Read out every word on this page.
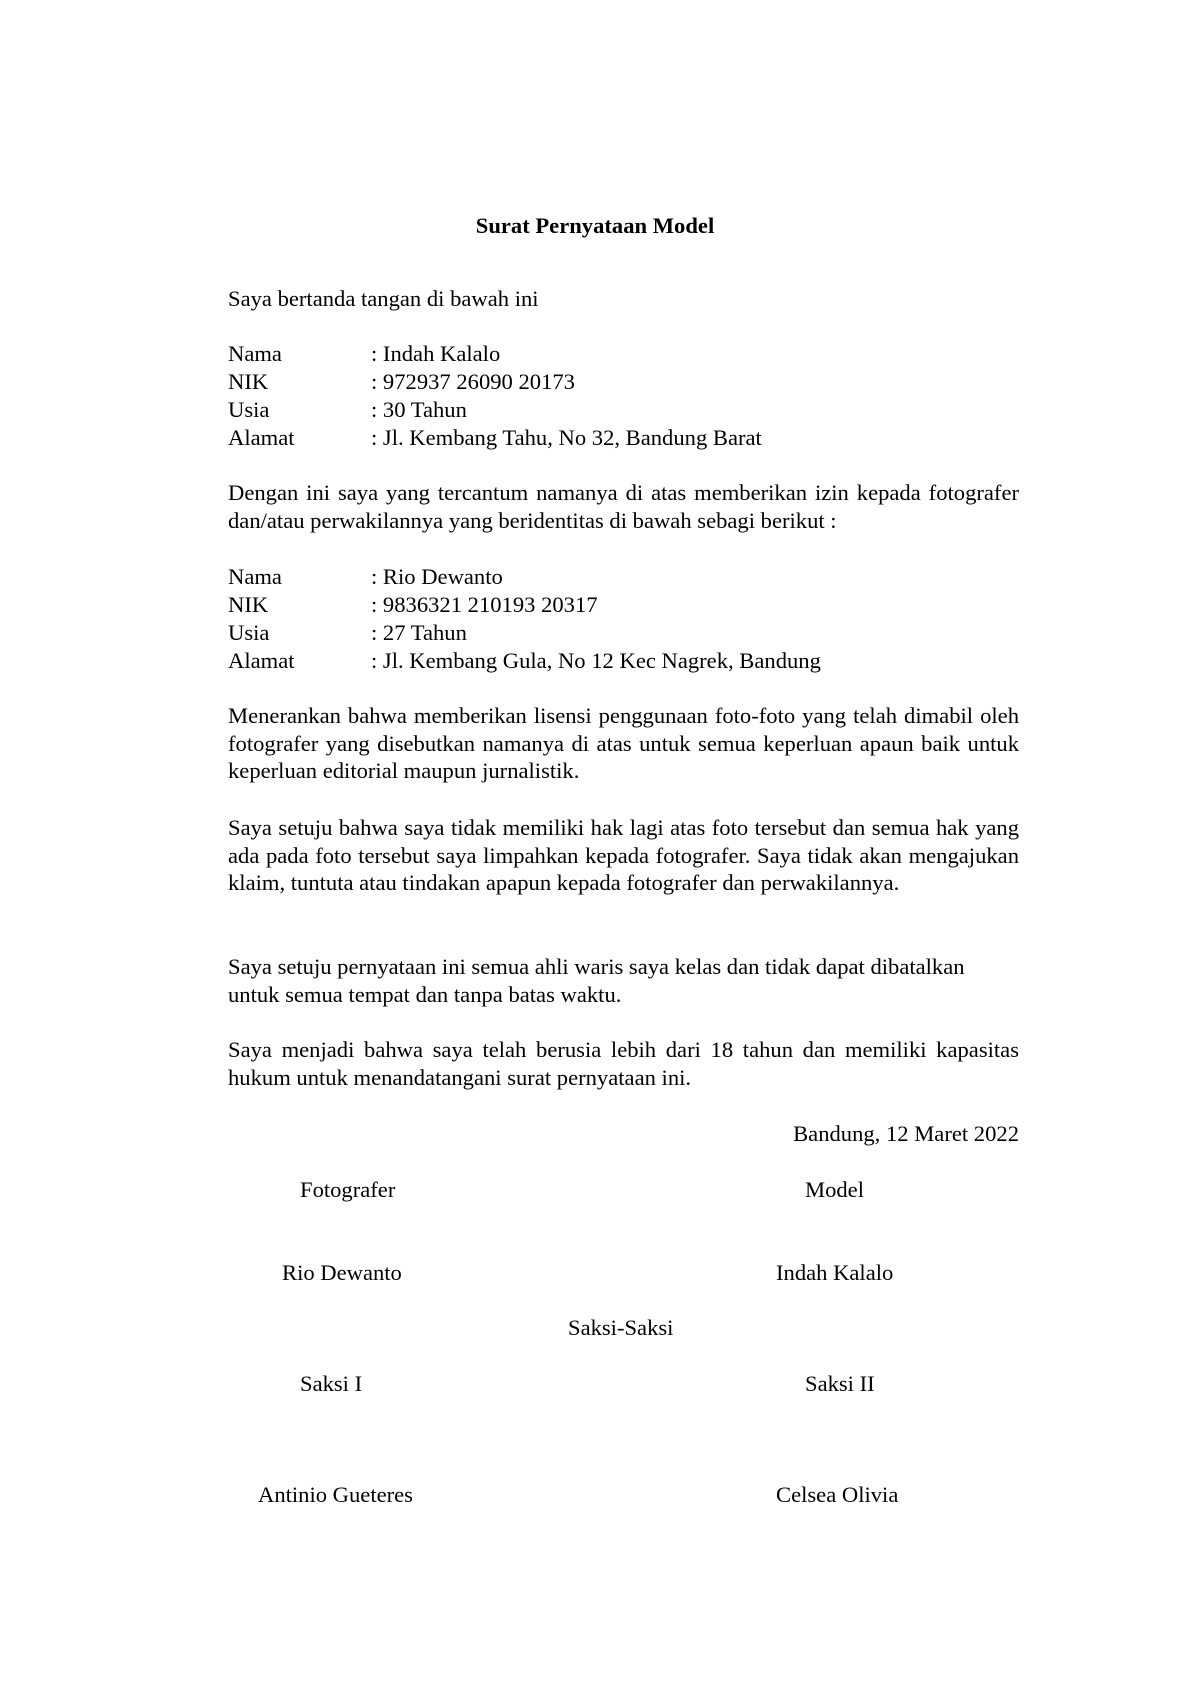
Surat Pernyataan Model

Saya bertanda tangan di bawah ini

Nama	: Indah Kalalo
NIK	: 972937 26090 20173
Usia	: 30 Tahun
Alamat	: Jl. Kembang Tahu, No 32, Bandung Barat

Dengan ini saya yang tercantum namanya di atas memberikan izin kepada fotografer dan/atau perwakilannya yang beridentitas di bawah sebagi berikut :

Nama	: Rio Dewanto
NIK	: 9836321 210193 20317
Usia	: 27 Tahun
Alamat	: Jl. Kembang Gula, No 12 Kec Nagrek, Bandung

Menerankan bahwa memberikan lisensi penggunaan foto-foto yang telah dimabil oleh fotografer yang disebutkan namanya di atas untuk semua keperluan apaun baik untuk keperluan editorial maupun jurnalistik.

Saya setuju bahwa saya tidak memiliki hak lagi atas foto tersebut dan semua hak yang ada pada foto tersebut saya limpahkan kepada fotografer. Saya tidak akan mengajukan klaim, tuntuta atau tindakan apapun kepada fotografer dan perwakilannya.

Saya setuju pernyataan ini semua ahli waris saya kelas dan tidak dapat dibatalkan untuk semua tempat dan tanpa batas waktu.

Saya menjadi bahwa saya telah berusia lebih dari 18 tahun dan memiliki kapasitas hukum untuk menandatangani surat pernyataan ini.

Bandung, 12 Maret 2022

Fotografer	Model
Rio Dewanto	Indah Kalalo
Saksi-Saksi
Saksi I	Saksi II
Antinio Gueteres	Celsea Olivia
